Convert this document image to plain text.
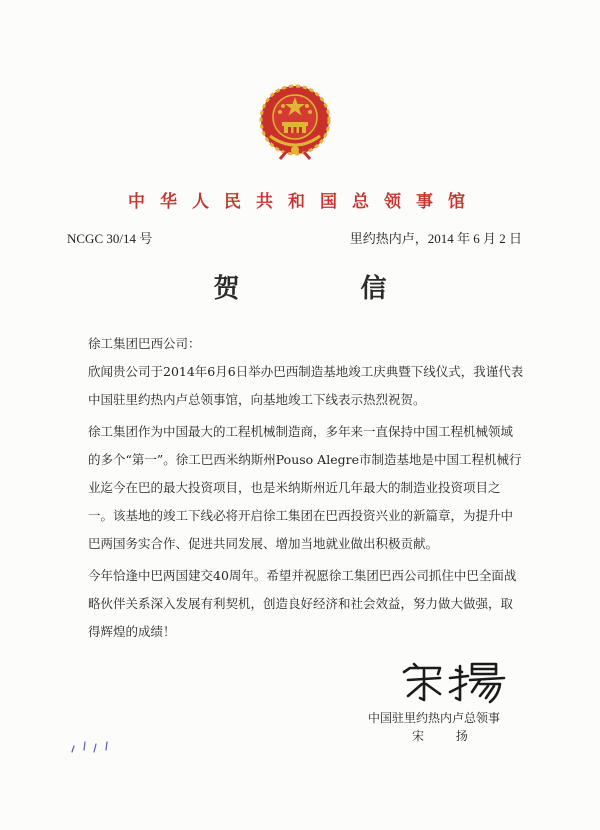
中华人民共和国总领事馆
NCGC 30/14 号	里约热内卢，2014 年 6 月 2 日
贺 信

徐工集团巴西公司：

欣闻贵公司于2014年6月6日举办巴西制造基地竣工庆典暨下线仪式，我谨代表中国驻里约热内卢总领事馆，向基地竣工下线表示热烈祝贺。

徐工集团作为中国最大的工程机械制造商，多年来一直保持中国工程机械领域的多个“第一”。徐工巴西米纳斯州Pouso Alegre市制造基地是中国工程机械行业迄今在巴的最大投资项目，也是米纳斯州近几年最大的制造业投资项目之一。该基地的竣工下线必将开启徐工集团在巴西投资兴业的新篇章，为提升中巴两国务实合作、促进共同发展、增加当地就业做出积极贡献。

今年恰逢中巴两国建交40周年。希望并祝愿徐工集团巴西公司抓住中巴全面战略伙伴关系深入发展有利契机，创造良好经济和社会效益，努力做大做强，取得辉煌的成绩！

中国驻里约热内卢总领事
宋 扬
